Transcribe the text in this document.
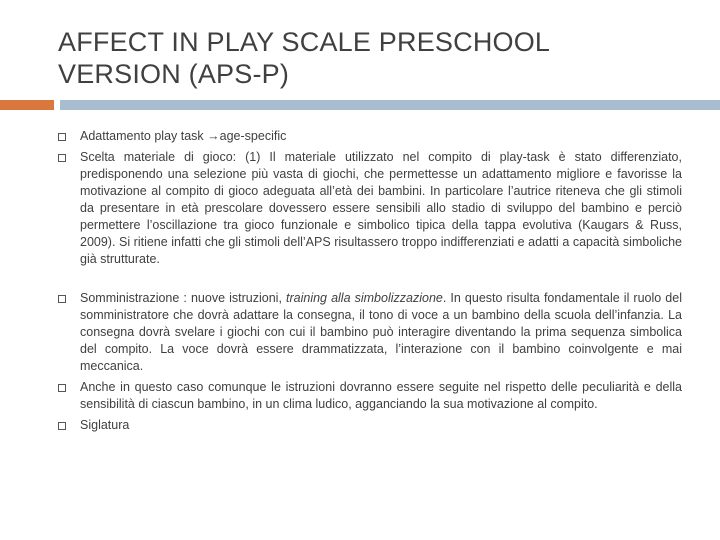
AFFECT IN PLAY SCALE PRESCHOOL VERSION (APS-P)
Adattamento play task →age-specific
Scelta materiale di gioco: (1) Il materiale utilizzato nel compito di play-task è stato differenziato, predisponendo una selezione più vasta di giochi, che permettesse un adattamento migliore e favorisse la motivazione al compito di gioco adeguata all’età dei bambini. In particolare l’autrice riteneva che gli stimoli da presentare in età prescolare dovessero essere sensibili allo stadio di sviluppo del bambino e perciò permettere l’oscillazione tra gioco funzionale e simbolico tipica della tappa evolutiva (Kaugars & Russ, 2009). Si ritiene infatti che gli stimoli dell’APS risultassero troppo indifferenziati e adatti a capacità simboliche già strutturate.
Somministrazione : nuove istruzioni, training alla simbolizzazione. In questo risulta fondamentale il ruolo del somministratore che dovrà adattare la consegna, il tono di voce a un bambino della scuola dell’infanzia. La consegna dovrà svelare i giochi con cui il bambino può interagire diventando la prima sequenza simbolica del compito. La voce dovrà essere drammatizzata, l’interazione con il bambino coinvolgente e mai meccanica.
Anche in questo caso comunque le istruzioni dovranno essere seguite nel rispetto delle peculiarità e della sensibilità di ciascun bambino, in un clima ludico, agganciando la sua motivazione al compito.
Siglatura
